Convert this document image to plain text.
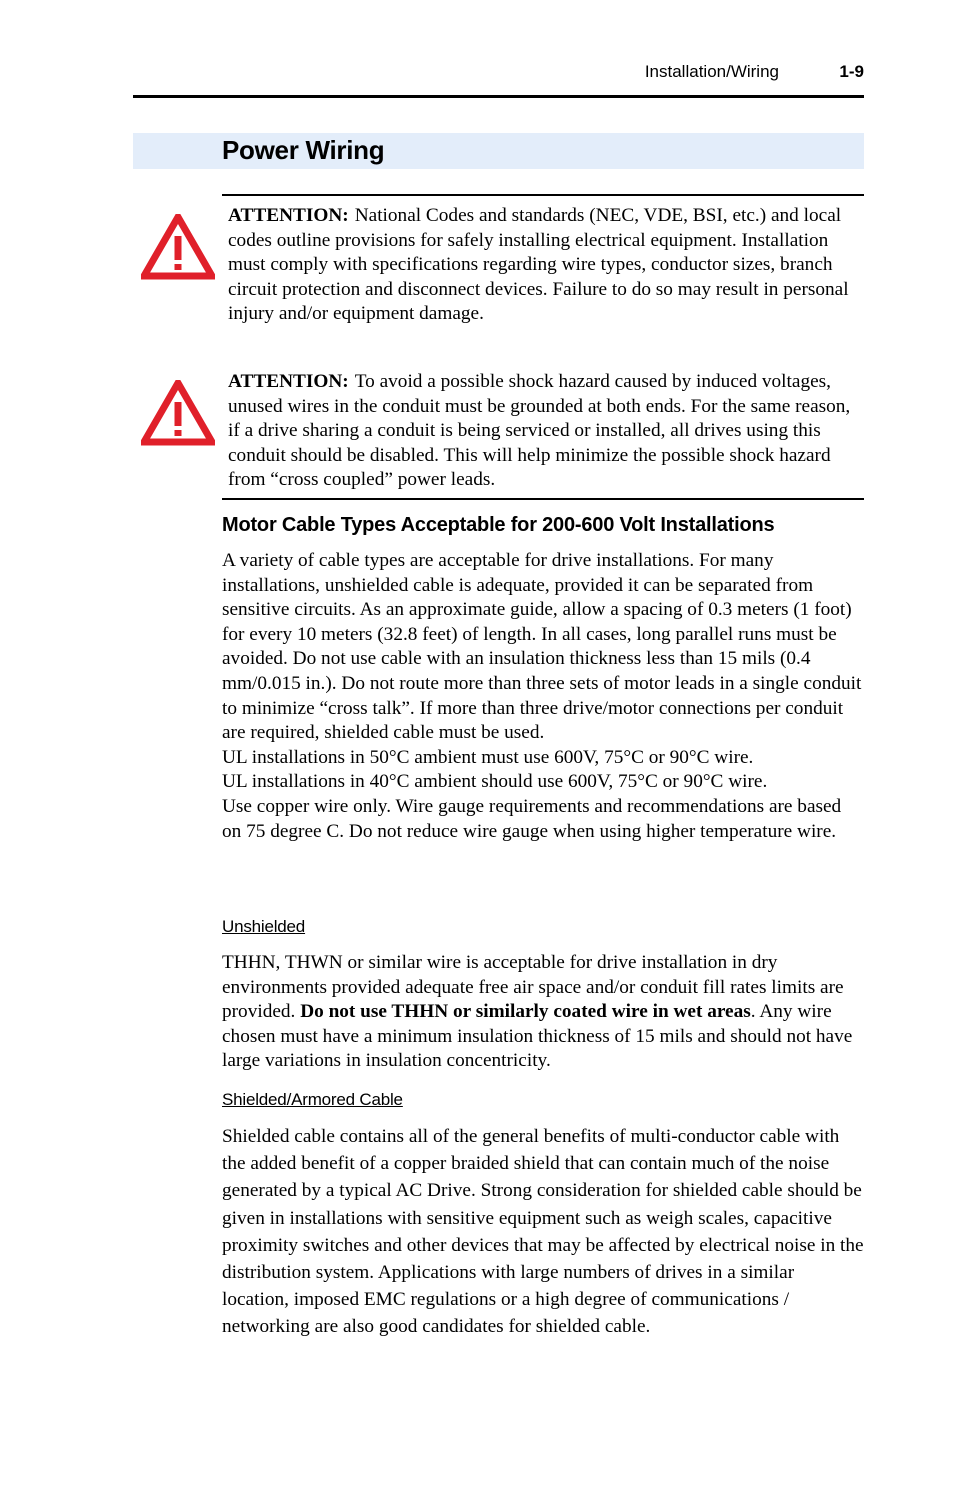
Installation/Wiring	1-9
Power Wiring

ATTENTION: National Codes and standards (NEC, VDE, BSI, etc.) and local codes outline provisions for safely installing electrical equipment. Installation must comply with specifications regarding wire types, conductor sizes, branch circuit protection and disconnect devices. Failure to do so may result in personal injury and/or equipment damage.

ATTENTION: To avoid a possible shock hazard caused by induced voltages, unused wires in the conduit must be grounded at both ends. For the same reason, if a drive sharing a conduit is being serviced or installed, all drives using this conduit should be disabled. This will help minimize the possible shock hazard from “cross coupled” power leads.

Motor Cable Types Acceptable for 200-600 Volt Installations
A variety of cable types are acceptable for drive installations. For many installations, unshielded cable is adequate, provided it can be separated from sensitive circuits. As an approximate guide, allow a spacing of 0.3 meters (1 foot) for every 10 meters (32.8 feet) of length. In all cases, long parallel runs must be avoided. Do not use cable with an insulation thickness less than 15 mils (0.4 mm/0.015 in.). Do not route more than three sets of motor leads in a single conduit to minimize “cross talk”. If more than three drive/motor connections per conduit are required, shielded cable must be used.
UL installations in 50°C ambient must use 600V, 75°C or 90°C wire.
UL installations in 40°C ambient should use 600V, 75°C or 90°C wire.
Use copper wire only. Wire gauge requirements and recommendations are based on 75 degree C. Do not reduce wire gauge when using higher temperature wire.
Unshielded

THHN, THWN or similar wire is acceptable for drive installation in dry environments provided adequate free air space and/or conduit fill rates limits are provided. Do not use THHN or similarly coated wire in wet areas. Any wire chosen must have a minimum insulation thickness of 15 mils and should not have large variations in insulation concentricity.

Shielded/Armored Cable

Shielded cable contains all of the general benefits of multi-conductor cable with the added benefit of a copper braided shield that can contain much of the noise generated by a typical AC Drive. Strong consideration for shielded cable should be given in installations with sensitive equipment such as weigh scales, capacitive proximity switches and other devices that may be affected by electrical noise in the distribution system. Applications with large numbers of drives in a similar location, imposed EMC regulations or a high degree of communications / networking are also good candidates for shielded cable.
